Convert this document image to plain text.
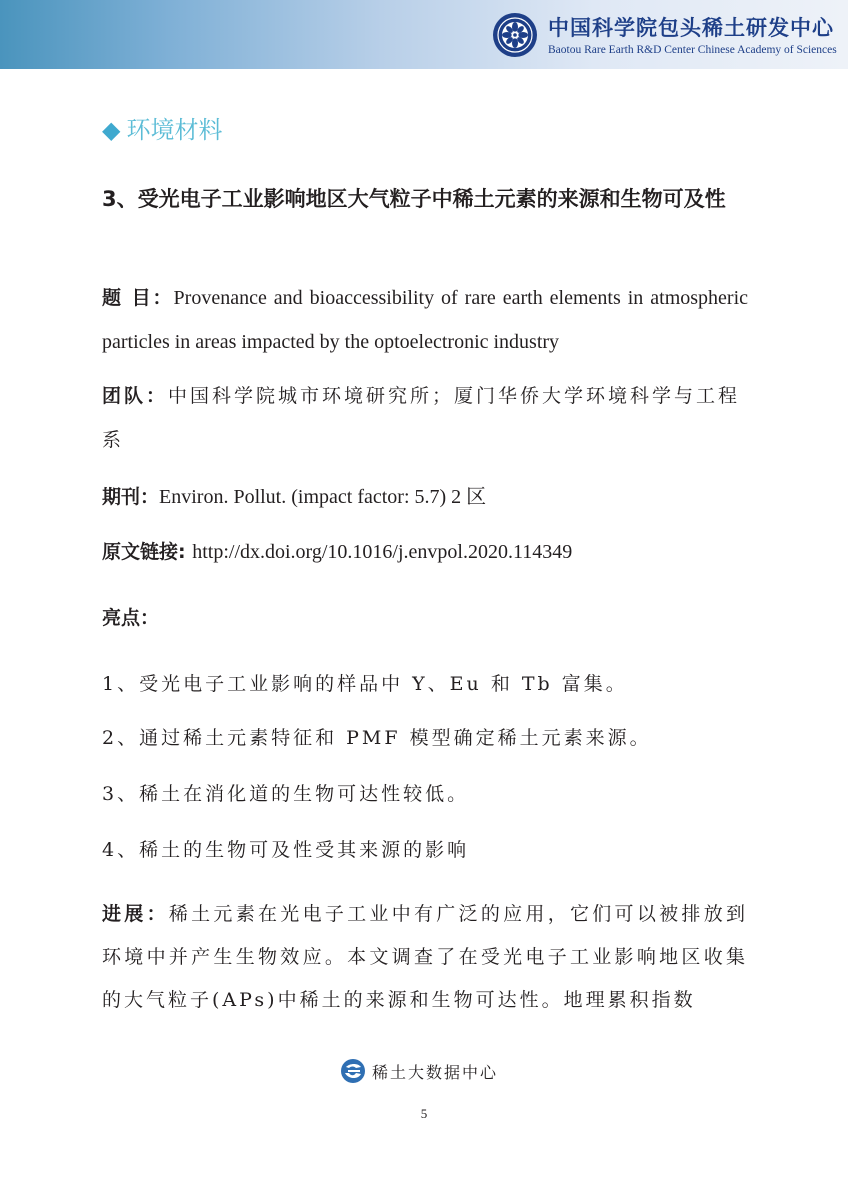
中国科学院包头稀土研发中心
Baotou Rare Earth R&D Center Chinese Academy of Sciences
◆ 环境材料
3、受光电子工业影响地区大气粒子中稀土元素的来源和生物可及性
题 目：Provenance and bioaccessibility of rare earth elements in atmospheric particles in areas impacted by the optoelectronic industry
团队：中国科学院城市环境研究所；厦门华侨大学环境科学与工程系
期刊：Environ. Pollut. (impact factor: 5.7) 2 区
原文链接: http://dx.doi.org/10.1016/j.envpol.2020.114349
亮点：
1、受光电子工业影响的样品中 Y、Eu 和 Tb 富集。
2、通过稀土元素特征和 PMF 模型确定稀土元素来源。
3、稀土在消化道的生物可达性较低。
4、稀土的生物可及性受其来源的影响
进展：稀土元素在光电子工业中有广泛的应用，它们可以被排放到环境中并产生生物效应。本文调查了在受光电子工业影响地区收集的大气粒子(APs)中稀土的来源和生物可达性。地理累积指数
稀土大数据中心
5
